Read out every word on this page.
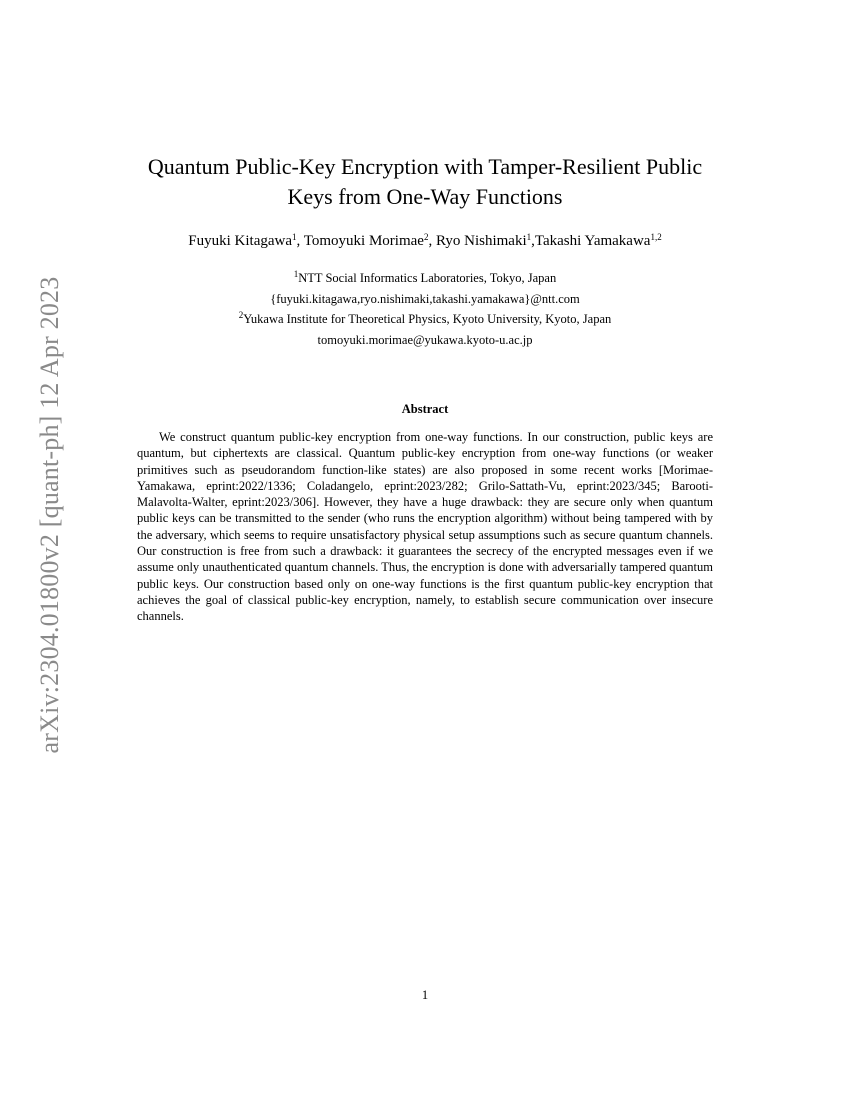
arXiv:2304.01800v2 [quant-ph] 12 Apr 2023
Quantum Public-Key Encryption with Tamper-Resilient Public
Keys from One-Way Functions
Fuyuki Kitagawa$^1$, Tomoyuki Morimae$^2$, Ryo Nishimaki$^1$,Takashi Yamakawa$^{1,2}$
$^1$NTT Social Informatics Laboratories, Tokyo, Japan
{fuyuki.kitagawa,ryo.nishimaki,takashi.yamakawa}@ntt.com
$^2$Yukawa Institute for Theoretical Physics, Kyoto University, Kyoto, Japan
tomoyuki.morimae@yukawa.kyoto-u.ac.jp
Abstract

We construct quantum public-key encryption from one-way functions. In our construction, public keys are quantum, but ciphertexts are classical. Quantum public-key encryption from one-way functions (or weaker primitives such as pseudorandom function-like states) are also proposed in some recent works [Morimae-Yamakawa, eprint:2022/1336; Coladangelo, eprint:2023/282; Grilo-Sattath-Vu, eprint:2023/345; Barooti-Malavolta-Walter, eprint:2023/306]. However, they have a huge drawback: they are secure only when quantum public keys can be transmitted to the sender (who runs the encryption algorithm) without being tampered with by the adversary, which seems to require unsatisfactory physical setup assumptions such as secure quantum channels. Our construction is free from such a drawback: it guarantees the secrecy of the encrypted messages even if we assume only unauthenticated quantum channels. Thus, the encryption is done with adversarially tampered quantum public keys. Our construction based only on one-way functions is the first quantum public-key encryption that achieves the goal of classical public-key encryption, namely, to establish secure communication over insecure channels.

1
